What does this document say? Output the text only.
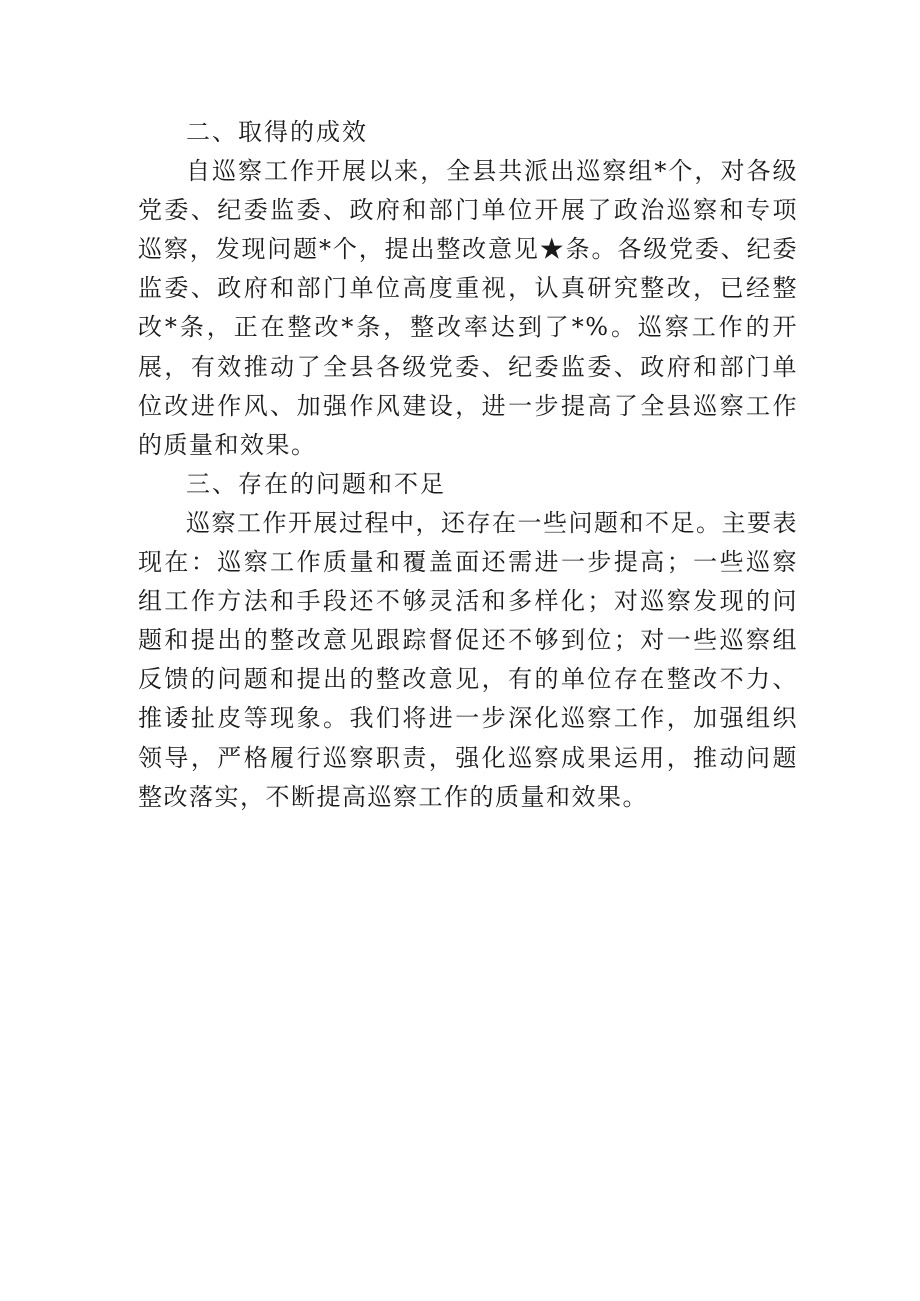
二、取得的成效

自巡察工作开展以来，全县共派出巡察组*个，对各级党委、纪委监委、政府和部门单位开展了政治巡察和专项巡察，发现问题*个，提出整改意见★条。各级党委、纪委监委、政府和部门单位高度重视，认真研究整改，已经整改*条，正在整改*条，整改率达到了*%。巡察工作的开展，有效推动了全县各级党委、纪委监委、政府和部门单位改进作风、加强作风建设，进一步提高了全县巡察工作的质量和效果。

三、存在的问题和不足

巡察工作开展过程中，还存在一些问题和不足。主要表现在：巡察工作质量和覆盖面还需进一步提高；一些巡察组工作方法和手段还不够灵活和多样化；对巡察发现的问题和提出的整改意见跟踪督促还不够到位；对一些巡察组反馈的问题和提出的整改意见，有的单位存在整改不力、推诿扯皮等现象。我们将进一步深化巡察工作，加强组织领导，严格履行巡察职责，强化巡察成果运用，推动问题整改落实，不断提高巡察工作的质量和效果。
